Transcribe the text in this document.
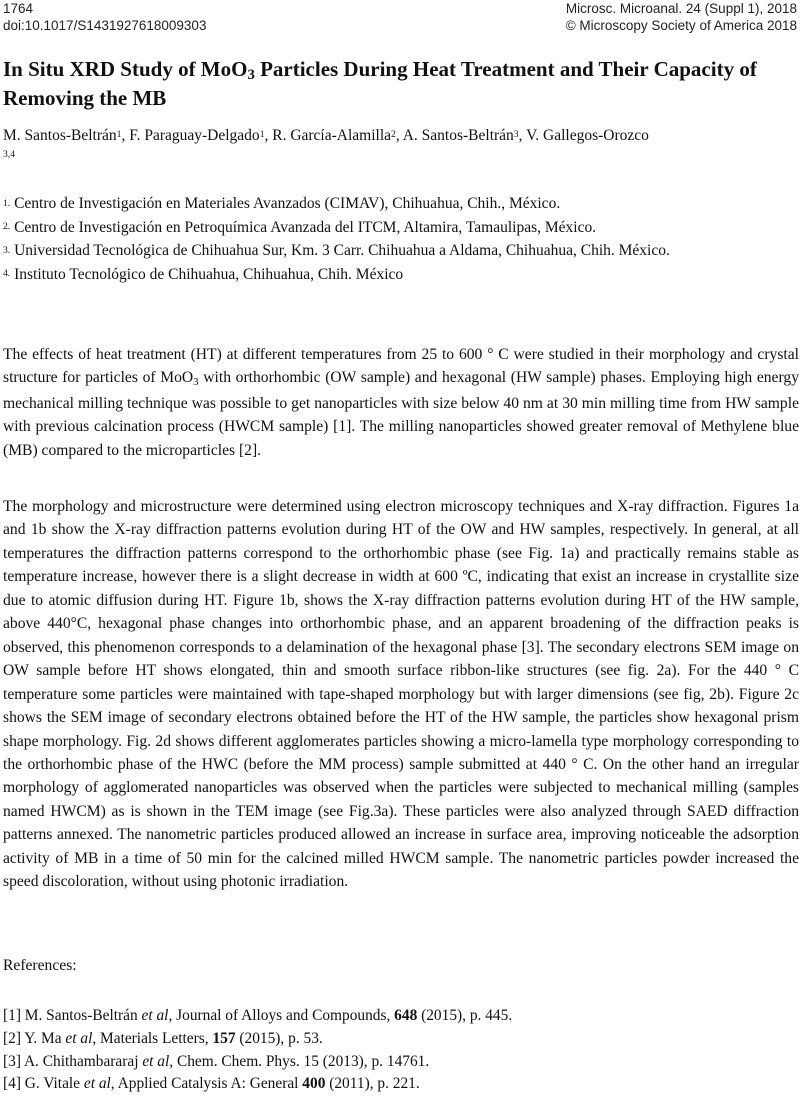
1764
doi:10.1017/S1431927618009303
Microsc. Microanal. 24 (Suppl 1), 2018
© Microscopy Society of America 2018
In Situ XRD Study of MoO3 Particles During Heat Treatment and Their Capacity of Removing the MB
M. Santos-Beltrán$^1$, F. Paraguay-Delgado$^1$, R. García-Alamilla$^2$, A. Santos-Beltrán$^3$, V. Gallegos-Orozco
$^{3,4}$
$^{1.}$ Centro de Investigación en Materiales Avanzados (CIMAV), Chihuahua, Chih., México.
$^{2.}$ Centro de Investigación en Petroquímica Avanzada del ITCM, Altamira, Tamaulipas, México.
$^{3.}$ Universidad Tecnológica de Chihuahua Sur, Km. 3 Carr. Chihuahua a Aldama, Chihuahua, Chih. México.
$^{4.}$ Instituto Tecnológico de Chihuahua, Chihuahua, Chih. México

The effects of heat treatment (HT) at different temperatures from 25 to 600 ° C were studied in their morphology and crystal structure for particles of MoO3 with orthorhombic (OW sample) and hexagonal (HW sample) phases. Employing high energy mechanical milling technique was possible to get nanoparticles with size below 40 nm at 30 min milling time from HW sample with previous calcination process (HWCM sample) [1]. The milling nanoparticles showed greater removal of Methylene blue (MB) compared to the microparticles [2].

The morphology and microstructure were determined using electron microscopy techniques and X-ray diffraction. Figures 1a and 1b show the X-ray diffraction patterns evolution during HT of the OW and HW samples, respectively. In general, at all temperatures the diffraction patterns correspond to the orthorhombic phase (see Fig. 1a) and practically remains stable as temperature increase, however there is a slight decrease in width at 600 ºC, indicating that exist an increase in crystallite size due to atomic diffusion during HT. Figure 1b, shows the X-ray diffraction patterns evolution during HT of the HW sample, above 440°C, hexagonal phase changes into orthorhombic phase, and an apparent broadening of the diffraction peaks is observed, this phenomenon corresponds to a delamination of the hexagonal phase [3]. The secondary electrons SEM image on OW sample before HT shows elongated, thin and smooth surface ribbon-like structures (see fig. 2a). For the 440 ° C temperature some particles were maintained with tape-shaped morphology but with larger dimensions (see fig, 2b). Figure 2c shows the SEM image of secondary electrons obtained before the HT of the HW sample, the particles show hexagonal prism shape morphology. Fig. 2d shows different agglomerates particles showing a micro-lamella type morphology corresponding to the orthorhombic phase of the HWC (before the MM process) sample submitted at 440 ° C. On the other hand an irregular morphology of agglomerated nanoparticles was observed when the particles were subjected to mechanical milling (samples named HWCM) as is shown in the TEM image (see Fig.3a). These particles were also analyzed through SAED diffraction patterns annexed. The nanometric particles produced allowed an increase in surface area, improving noticeable the adsorption activity of MB in a time of 50 min for the calcined milled HWCM sample. The nanometric particles powder increased the speed discoloration, without using photonic irradiation.

References:
[1] M. Santos-Beltrán et al, Journal of Alloys and Compounds, 648 (2015), p. 445.
[2] Y. Ma et al, Materials Letters, 157 (2015), p. 53.
[3] A. Chithambararaj et al, Chem. Chem. Phys. 15 (2013), p. 14761.
[4] G. Vitale et al, Applied Catalysis A: General 400 (2011), p. 221.
